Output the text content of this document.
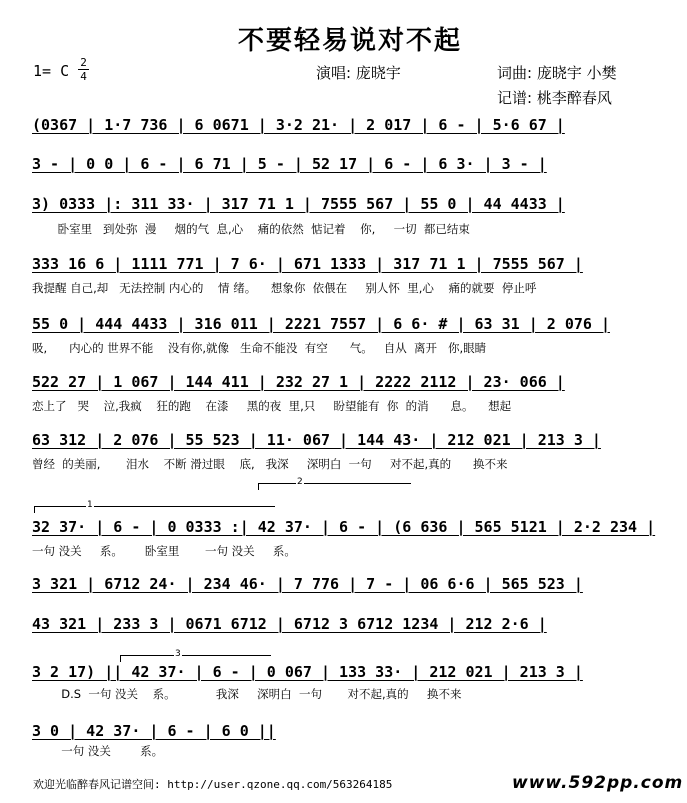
不要轻易说对不起
1= C 2
4	演唱: 庞晓宇	词曲: 庞晓宇 小樊
记谱: 桃李醉春风
(0367 | 1·7 736 | 6 0671 | 3·2 21· | 2 017 | 6 - | 5·6 67 |
3 - | 0 0 | 6 - | 6 71 | 5 - | 52 17 | 6 - | 6 3· | 3 - |
3) 0333 |: 311 33· | 317 71 1 | 7555 567 | 55 0 | 44 4433 |
卧室里   到处弥  漫     烟的气  息,心    痛的依然  惦记着    你,     一切  都已结束
333 16 6 | 1111 771 | 7 6· | 671 1333 | 317 71 1 | 7555 567 |
我提醒 自己,却   无法控制 内心的    情 绪。    想象你  依偎在     别人怀  里,心    痛的就要  停止呼
55 0 | 444 4433 | 316 011 | 2221 7557 | 6 6· # | 63 31 | 2 076 |
吸,      内心的 世界不能    没有你,就像   生命不能没  有空      气。   自从  离开   你,眼睛
522 27 | 1 067 | 144 411 | 232 27 1 | 2222 2112 | 23· 066 |
恋上了   哭    泣,我疯    狂的跑    在漆     黑的夜  里,只     盼望能有  你  的消      息。    想起
63 312 | 2 076 | 55 523 | 11· 067 | 144 43· | 212 021 | 213 3 |
曾经  的美丽,       泪水    不断 滑过眼    底,   我深     深明白  一句     对不起,真的      换不来
1
2
32 37· | 6 - | 0 0333 :| 42 37· | 6 - | (6 636 | 565 5121 | 2·2 234 |
一句 没关     系。      卧室里       一句 没关     系。
3 321 | 6712 24· | 234 46· | 7 776 | 7 - | 06 6·6 | 565 523 |
43 321 | 233 3 | 0671 6712 | 6712 3 6712 1234 | 212 2·6 |
3
3 2 17) || 42 37· | 6 - | 0 067 | 133 33· | 212 021 | 213 3 |
D.S  一句 没关    系。           我深     深明白  一句       对不起,真的     换不来
3 0 | 42 37· | 6 - | 6 0 ||
一句 没关        系。
欢迎光临醉春风记谱空间: http://user.qzone.qq.com/563264185	www.592pp.com
